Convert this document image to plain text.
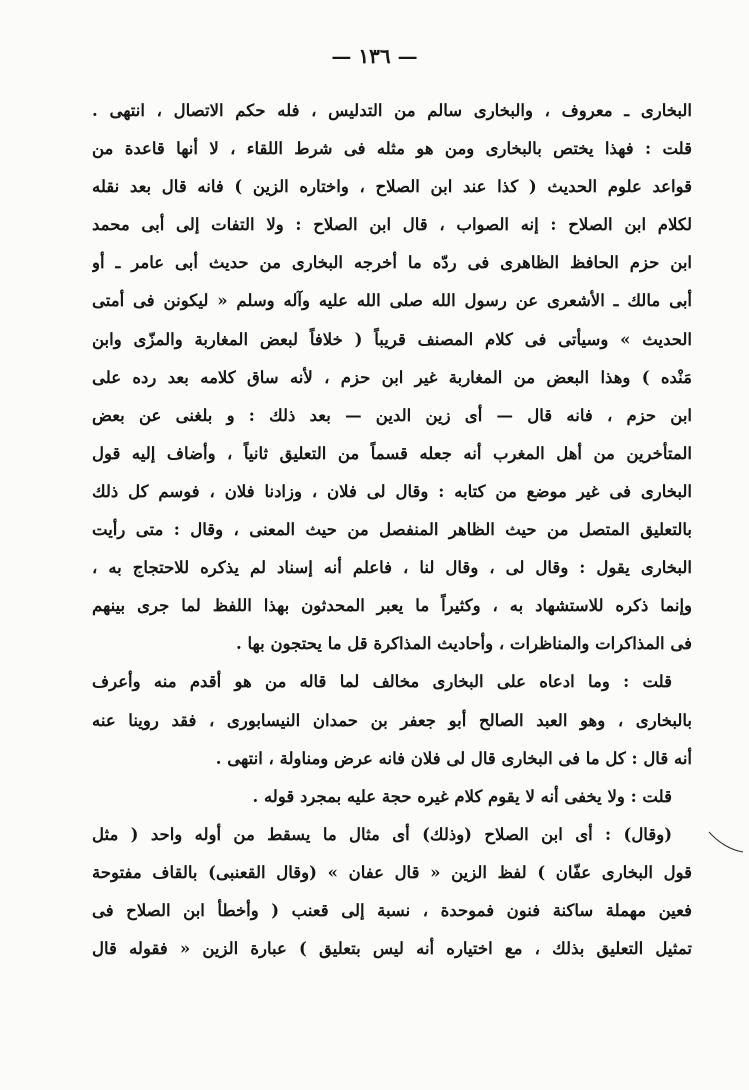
— ١٣٦ —
البخارى ـ معروف ، والبخارى سالم من التدليس ، فله حكم الاتصال ، انتهى .
قلت : فهذا يختص بالبخارى ومن هو مثله فى شرط اللقاء ، لا أنها قاعدة من
قواعد علوم الحديث ( كذا عند ابن الصلاح ، واختاره الزين ) فانه قال بعد نقله
لكلام ابن الصلاح : إنه الصواب ، قال ابن الصلاح : ولا التفات إلى أبى محمد
ابن حزم الحافظ الظاهرى فى ردّه ما أخرجه البخارى من حديث أبى عامر ـ أو
أبى مالك ـ الأشعرى عن رسول الله صلى الله عليه وآله وسلم « ليكونن فى أمتى
الحديث » وسيأتى فى كلام المصنف قريباً ( خلافاً لبعض المغاربة والمزّى وابن
مَنْده ) وهذا البعض من المغاربة غير ابن حزم ، لأنه ساق كلامه بعد رده على
ابن حزم ، فانه قال — أى زين الدين — بعد ذلك : و بلغنى عن بعض
المتأخرين من أهل المغرب أنه جعله قسماً من التعليق ثانياً ، وأضاف إليه قول
البخارى فى غير موضع من كتابه : وقال لى فلان ، وزادنا فلان ، فوسم كل ذلك
بالتعليق المتصل من حيث الظاهر المنفصل من حيث المعنى ، وقال : متى رأيت
البخارى يقول : وقال لى ، وقال لنا ، فاعلم أنه إسناد لم يذكره للاحتجاج به ،
وإنما ذكره للاستشهاد به ، وكثيراً ما يعبر المحدثون بهذا اللفظ لما جرى بينهم
فى المذاكرات والمناظرات ، وأحاديث المذاكرة قل ما يحتجون بها .
قلت : وما ادعاه على البخارى مخالف لما قاله من هو أقدم منه وأعرف
بالبخارى ، وهو العبد الصالح أبو جعفر بن حمدان النيسابورى ، فقد روينا عنه
أنه قال : كل ما فى البخارى قال لى فلان فانه عرض ومناولة ، انتهى .
قلت : ولا يخفى أنه لا يقوم كلام غيره حجة عليه بمجرد قوله .
(وقال) : أى ابن الصلاح (وذلك) أى مثال ما يسقط من أوله واحد ( مثل
قول البخارى عفّان ) لفظ الزين « قال عفان » (وقال القعنبى) بالقاف مفتوحة
فعين مهملة ساكنة فنون فموحدة ، نسبة إلى قعنب ( وأخطأ ابن الصلاح فى
تمثيل التعليق بذلك ، مع اختياره أنه ليس بتعليق ) عبارة الزين « فقوله قال
